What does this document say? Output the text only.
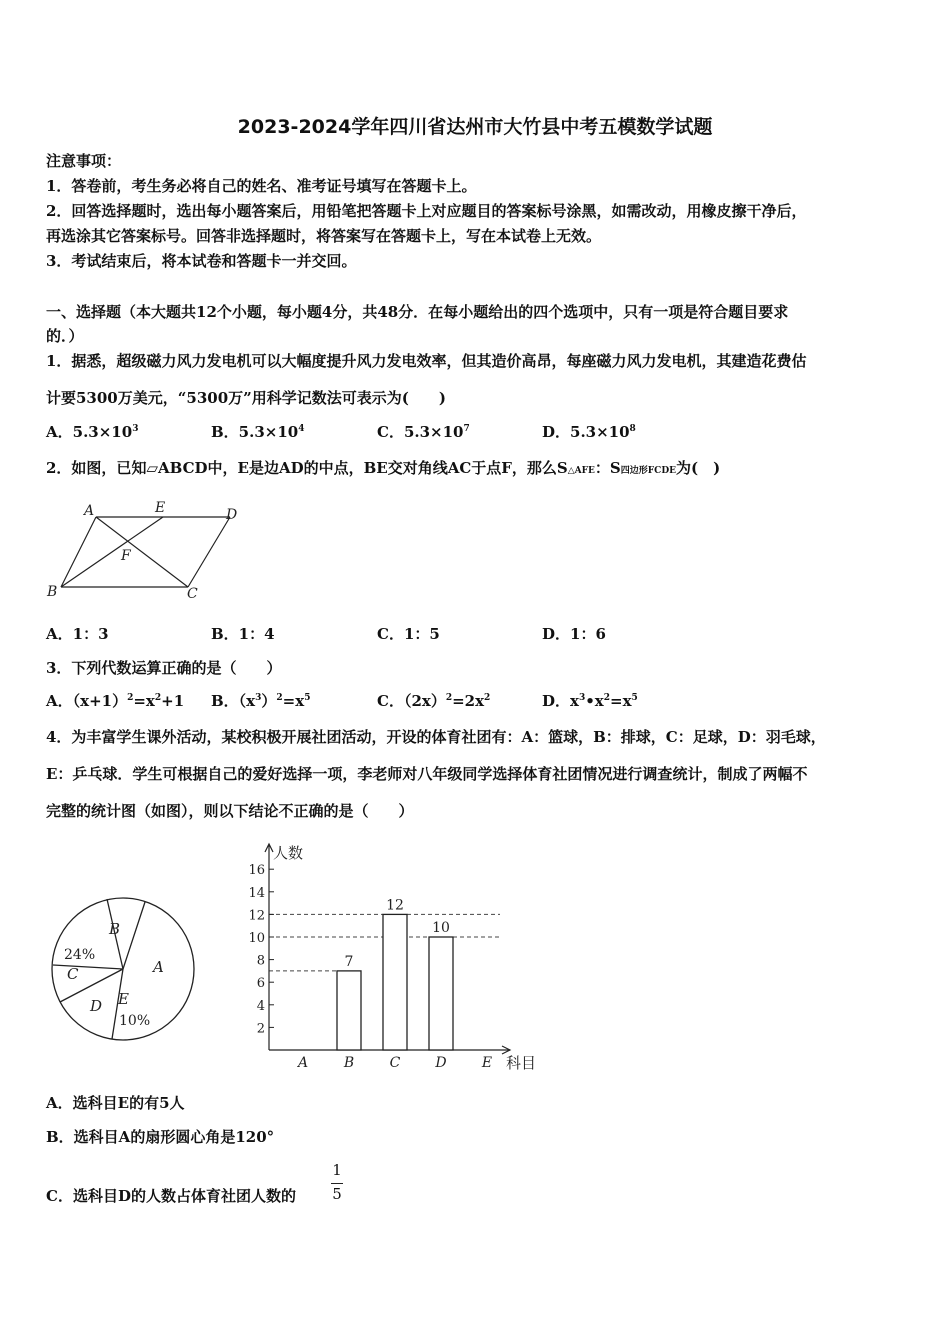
2023-2024学年四川省达州市大竹县中考五模数学试题
注意事项：
1．答卷前，考生务必将自己的姓名、准考证号填写在答题卡上。
2．回答选择题时，选出每小题答案后，用铅笔把答题卡上对应题目的答案标号涂黑，如需改动，用橡皮擦干净后，
再选涂其它答案标号。回答非选择题时，将答案写在答题卡上，写在本试卷上无效。
3．考试结束后，将本试卷和答题卡一并交回。
一、选择题（本大题共12个小题，每小题4分，共48分．在每小题给出的四个选项中，只有一项是符合题目要求
的．）
1．据悉，超级磁力风力发电机可以大幅度提升风力发电效率，但其造价高昂，每座磁力风力发电机，其建造花费估
计要5300万美元，“5300万”用科学记数法可表示为(　　)
A．$5.3\times 10^3$	B．$5.3\times 10^4$	C．$5.3\times 10^7$	D．$5.3\times 10^8$
2．如图，已知▱ABCD中，E是边AD的中点，BE交对角线AC于点F，那么S△AFE：S四边形FCDE为(　)
A	E	D
F
B	C
A．1：3	B．1：4	C．1：5	D．1：6
3．下列代数运算正确的是（　　）
A．$(x+1)^2=x^2+1$ B．$(x^3)^2=x^5$	C．$(2x)^2=2x^2$	D．$x^3•x^2=x^5$
4．为丰富学生课外活动，某校积极开展社团活动，开设的体育社团有：A：篮球，B：排球，C：足球，D：羽毛球，
E：乒乓球．学生可根据自己的爱好选择一项，李老师对八年级同学选择体育社团情况进行调查统计，制成了两幅不
完整的统计图（如图），则以下结论不正确的是（　　）
B
24%
C	A
D E
10%	2
4
6
8
10
12
14
16
人数
科目
A
7
B
12
C
10
D	E
A．选科目E的有5人
B．选科目A的扇形圆心角是120°
C．选科目D的人数占体育社团人数的
1
5
